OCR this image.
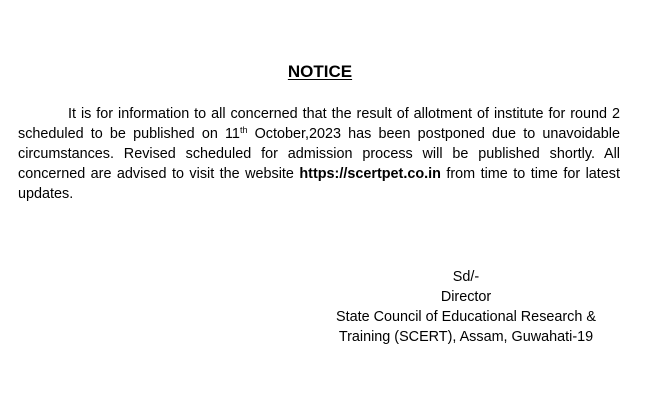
NOTICE

It is for information to all concerned that the result of allotment of institute for round 2 scheduled to be published on 11th October,2023 has been postponed due to unavoidable circumstances. Revised scheduled for admission process will be published shortly. All concerned are advised to visit the website https://scertpet.co.in from time to time for latest updates.

Sd/-
Director
State Council of Educational Research &
Training (SCERT), Assam, Guwahati-19
